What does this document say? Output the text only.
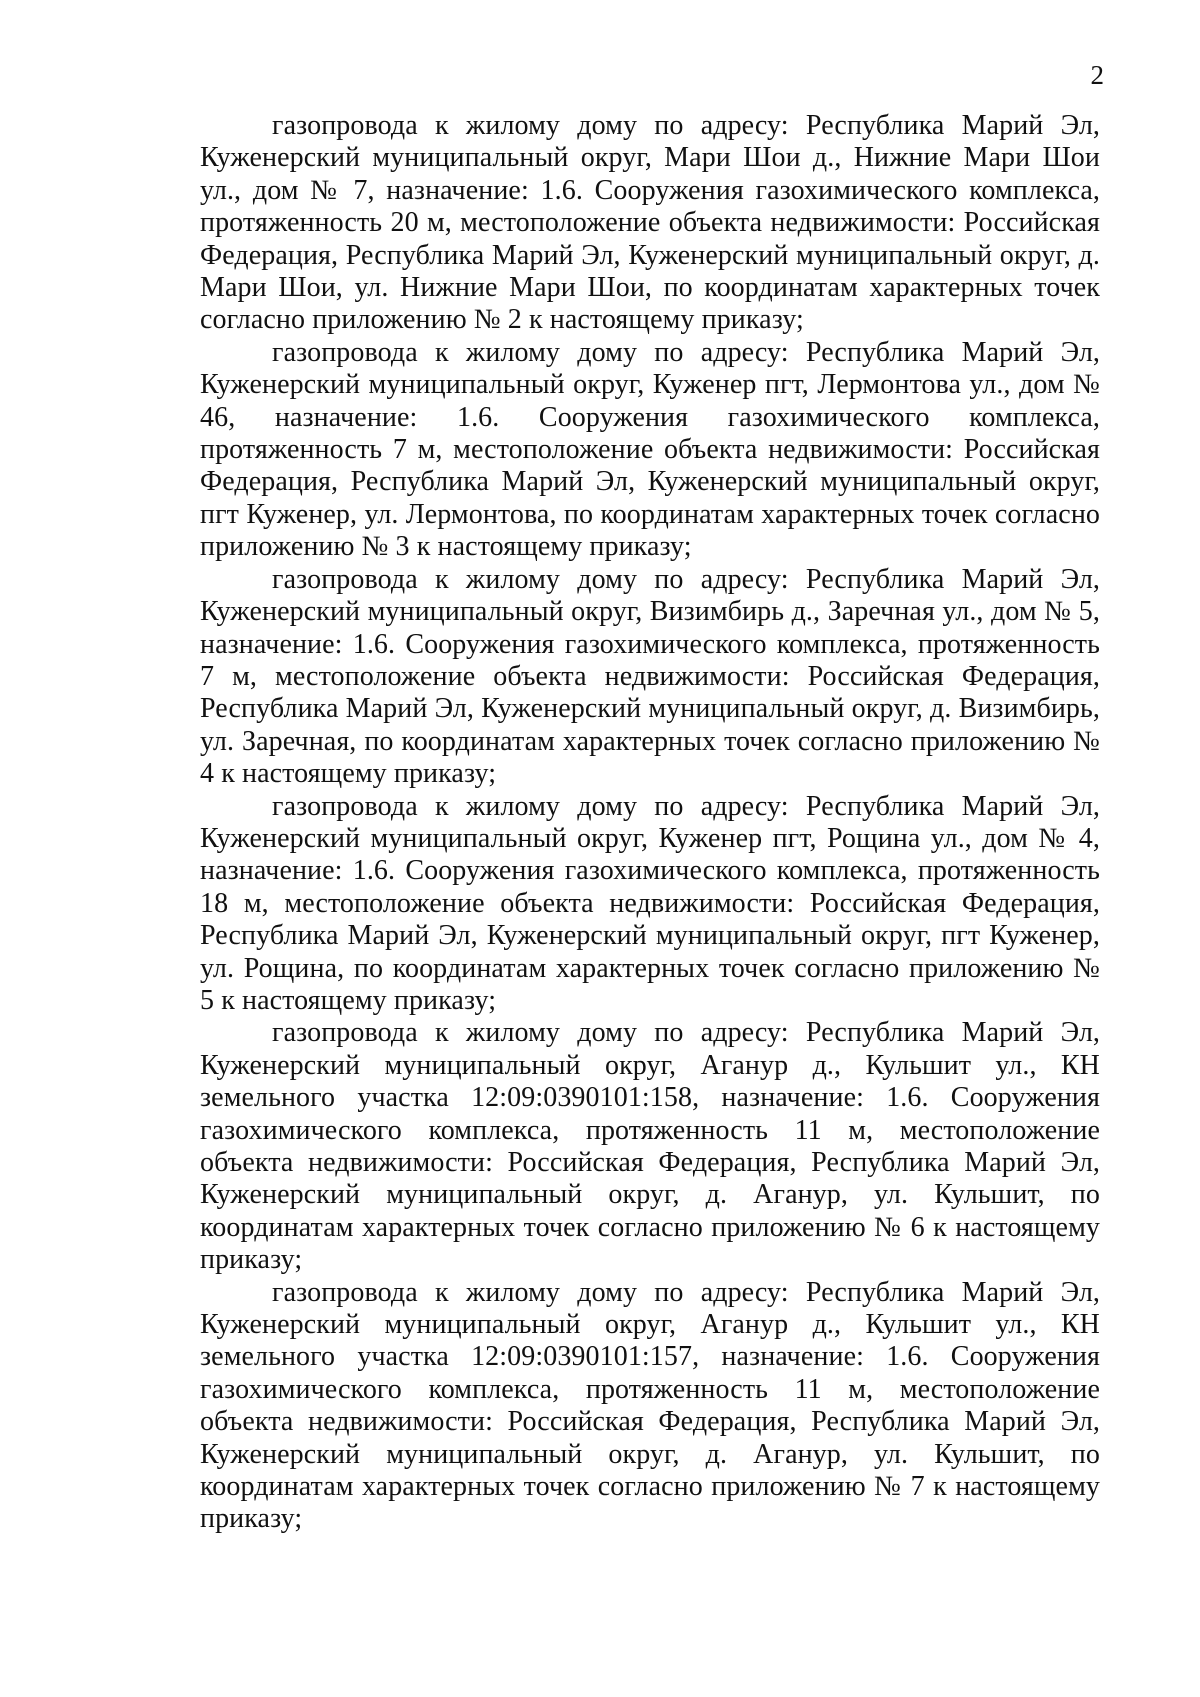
2

газопровода к жилому дому по адресу: Республика Марий Эл, Куженерский муниципальный округ, Мари Шои д., Нижние Мари Шои ул., дом № 7, назначение: 1.6. Сооружения газохимического комплекса, протяженность 20 м, местоположение объекта недвижимости: Российская Федерация, Республика Марий Эл, Куженерский муниципальный округ, д. Мари Шои, ул. Нижние Мари Шои, по координатам характерных точек согласно приложению № 2 к настоящему приказу;

газопровода к жилому дому по адресу: Республика Марий Эл, Куженерский муниципальный округ, Куженер пгт, Лермонтова ул., дом № 46, назначение: 1.6. Сооружения газохимического комплекса, протяженность 7 м, местоположение объекта недвижимости: Российская Федерация, Республика Марий Эл, Куженерский муниципальный округ, пгт Куженер, ул. Лермонтова, по координатам характерных точек согласно приложению № 3 к настоящему приказу;

газопровода к жилому дому по адресу: Республика Марий Эл, Куженерский муниципальный округ, Визимбирь д., Заречная ул., дом № 5, назначение: 1.6. Сооружения газохимического комплекса, протяженность 7 м, местоположение объекта недвижимости: Российская Федерация, Республика Марий Эл, Куженерский муниципальный округ, д. Визимбирь, ул. Заречная, по координатам характерных точек согласно приложению № 4 к настоящему приказу;

газопровода к жилому дому по адресу: Республика Марий Эл, Куженерский муниципальный округ, Куженер пгт, Рощина ул., дом № 4, назначение: 1.6. Сооружения газохимического комплекса, протяженность 18 м, местоположение объекта недвижимости: Российская Федерация, Республика Марий Эл, Куженерский муниципальный округ, пгт Куженер, ул. Рощина, по координатам характерных точек согласно приложению № 5 к настоящему приказу;

газопровода к жилому дому по адресу: Республика Марий Эл, Куженерский муниципальный округ, Аганур д., Кульшит ул., КН земельного участка 12:09:0390101:158, назначение: 1.6. Сооружения газохимического комплекса, протяженность 11 м, местоположение объекта недвижимости: Российская Федерация, Республика Марий Эл, Куженерский муниципальный округ, д. Аганур, ул. Кульшит, по координатам характерных точек согласно приложению № 6 к настоящему приказу;

газопровода к жилому дому по адресу: Республика Марий Эл, Куженерский муниципальный округ, Аганур д., Кульшит ул., КН земельного участка 12:09:0390101:157, назначение: 1.6. Сооружения газохимического комплекса, протяженность 11 м, местоположение объекта недвижимости: Российская Федерация, Республика Марий Эл, Куженерский муниципальный округ, д. Аганур, ул. Кульшит, по координатам характерных точек согласно приложению № 7 к настоящему приказу;
